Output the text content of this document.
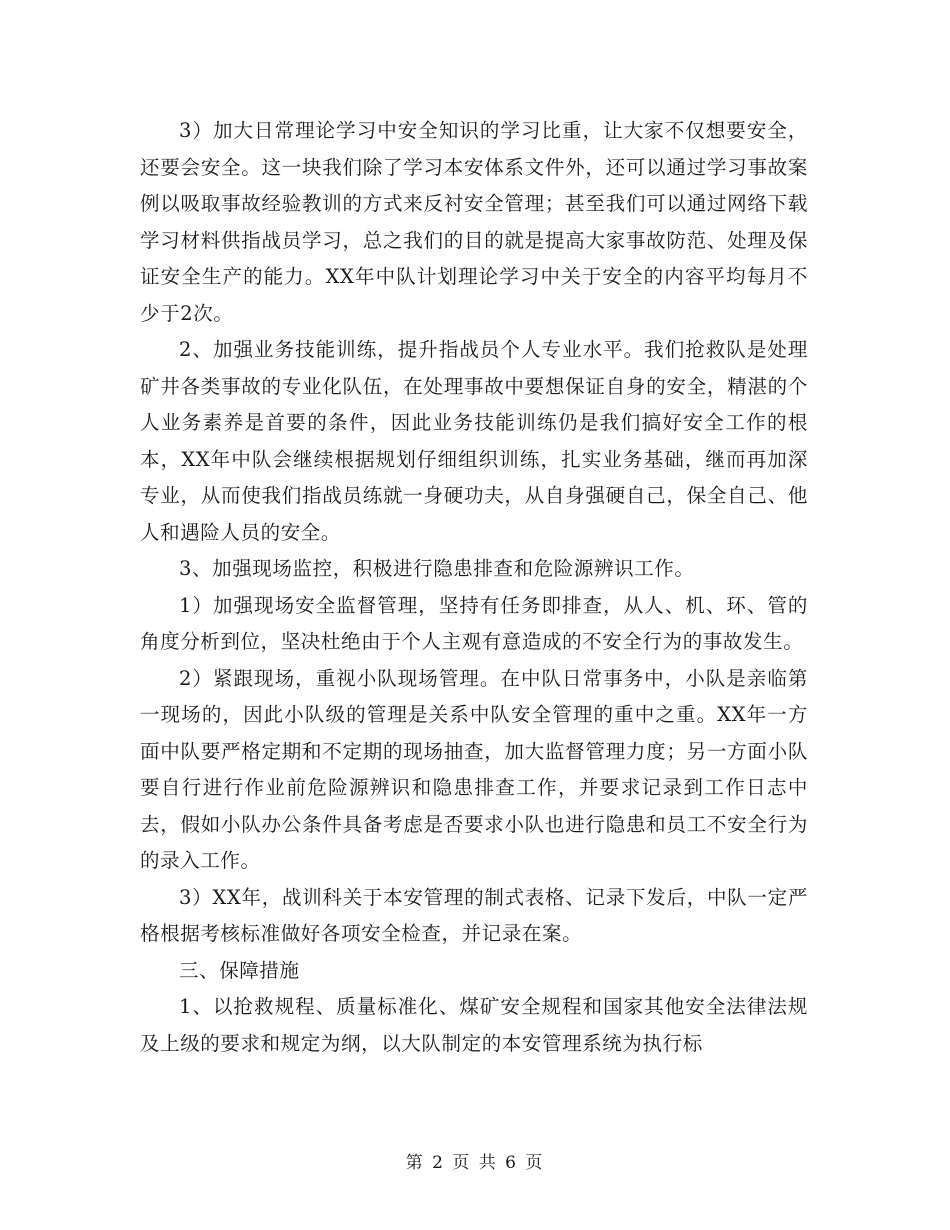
3）加大日常理论学习中安全知识的学习比重，让大家不仅想要安全，还要会安全。这一块我们除了学习本安体系文件外，还可以通过学习事故案例以吸取事故经验教训的方式来反衬安全管理；甚至我们可以通过网络下载学习材料供指战员学习，总之我们的目的就是提高大家事故防范、处理及保证安全生产的能力。XX年中队计划理论学习中关于安全的内容平均每月不少于2次。

2、加强业务技能训练，提升指战员个人专业水平。我们抢救队是处理矿井各类事故的专业化队伍，在处理事故中要想保证自身的安全，精湛的个人业务素养是首要的条件，因此业务技能训练仍是我们搞好安全工作的根本，XX年中队会继续根据规划仔细组织训练，扎实业务基础，继而再加深专业，从而使我们指战员练就一身硬功夫，从自身强硬自己，保全自己、他人和遇险人员的安全。

3、加强现场监控，积极进行隐患排查和危险源辨识工作。

1）加强现场安全监督管理，坚持有任务即排查，从人、机、环、管的角度分析到位，坚决杜绝由于个人主观有意造成的不安全行为的事故发生。

2）紧跟现场，重视小队现场管理。在中队日常事务中，小队是亲临第一现场的，因此小队级的管理是关系中队安全管理的重中之重。XX年一方面中队要严格定期和不定期的现场抽查，加大监督管理力度；另一方面小队要自行进行作业前危险源辨识和隐患排查工作，并要求记录到工作日志中去，假如小队办公条件具备考虑是否要求小队也进行隐患和员工不安全行为的录入工作。

3）XX年，战训科关于本安管理的制式表格、记录下发后，中队一定严格根据考核标准做好各项安全检查，并记录在案。

三、保障措施

1、以抢救规程、质量标准化、煤矿安全规程和国家其他安全法律法规及上级的要求和规定为纲，以大队制定的本安管理系统为执行标

第 2 页 共 6 页
